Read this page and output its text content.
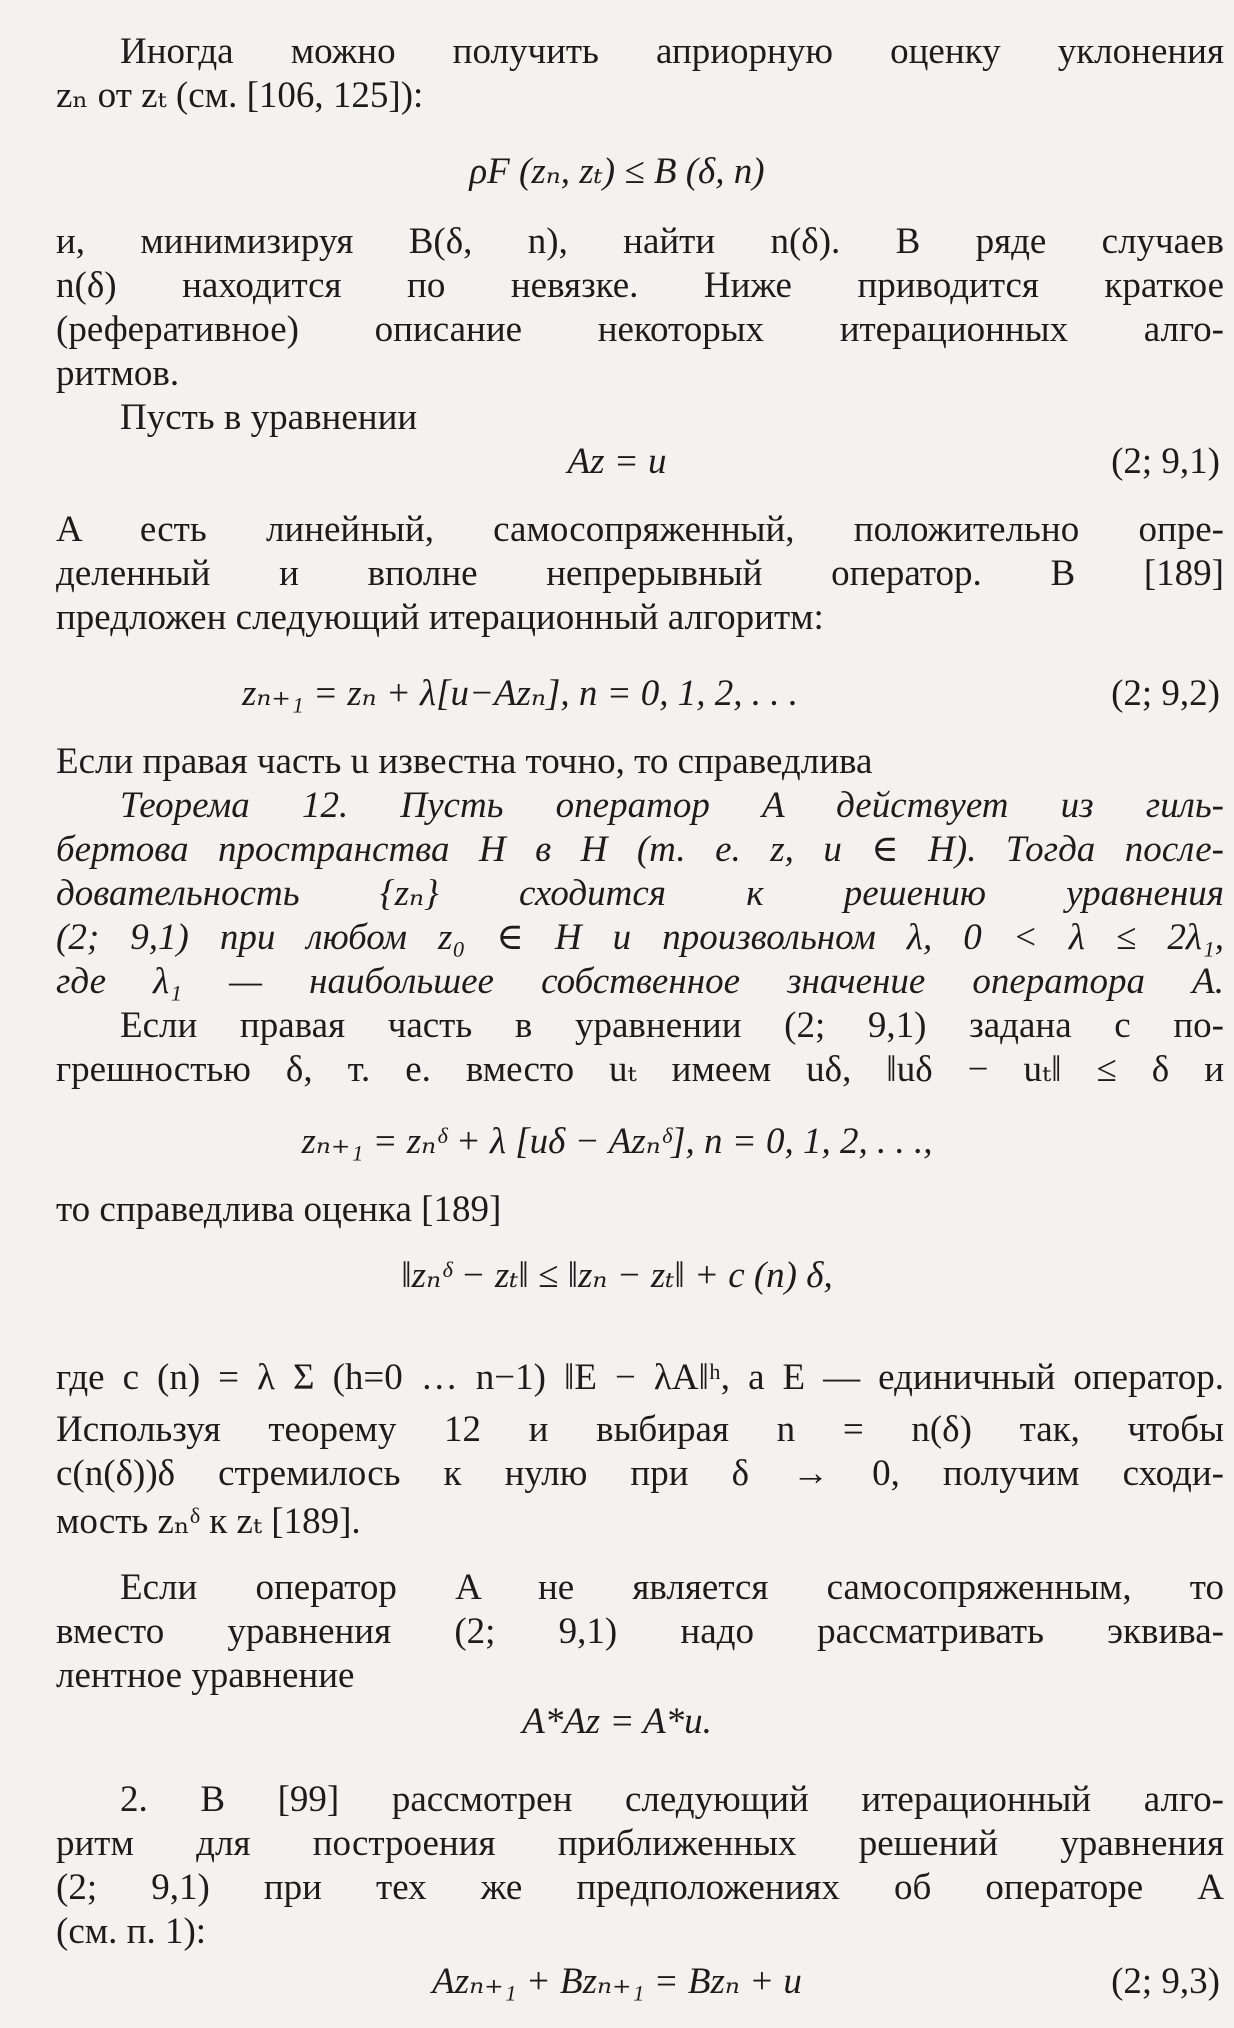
Иногда можно получить априорную оценку уклонения
zₙ от zₜ (см. [106, 125]):
ρF (zₙ, zₜ) ≤ B (δ, n)
и, минимизируя B(δ, n), найти n(δ). В ряде случаев
n(δ) находится по невязке. Ниже приводится краткое
(реферативное) описание некоторых итерационных алго-
ритмов.
Пусть в уравнении
Az = u	(2; 9,1)
A есть линейный, самосопряженный, положительно опре-
деленный и вполне непрерывный оператор. В [189]
предложен следующий итерационный алгоритм:
zₙ₊₁ = zₙ + λ[u−Azₙ], n = 0, 1, 2, . . .	(2; 9,2)
Если правая часть u известна точно, то справедлива
Теорема 12. Пусть оператор A действует из гиль-
бертова пространства H в H (т. е. z, u ∈ H). Тогда после-
довательность {zₙ} сходится к решению уравнения
(2; 9,1) при любом z₀ ∈ H и произвольном λ, 0 < λ ≤ 2λ₁,
где λ₁ — наибольшее собственное значение оператора A.
Если правая часть в уравнении (2; 9,1) задана с по-
грешностью δ, т. е. вместо uₜ имеем uδ, ‖uδ − uₜ‖ ≤ δ и
zₙ₊₁ = zₙᵟ + λ [uδ − Azₙᵟ], n = 0, 1, 2, . . .,
то справедлива оценка [189]
‖zₙᵟ − zₜ‖ ≤ ‖zₙ − zₜ‖ + c (n) δ,
где c (n) = λ Σ (h=0 … n−1) ‖E − λA‖ʰ, а E — единичный оператор.
Используя теорему 12 и выбирая n = n(δ) так, чтобы
c(n(δ))δ стремилось к нулю при δ → 0, получим сходи-
мость zₙᵟ к zₜ [189].
Если оператор A не является самосопряженным, то
вместо уравнения (2; 9,1) надо рассматривать эквива-
лентное уравнение
A*Az = A*u.
2. В [99] рассмотрен следующий итерационный алго-
ритм для построения приближенных решений уравнения
(2; 9,1) при тех же предположениях об операторе A
(см. п. 1):
Azₙ₊₁ + Bzₙ₊₁ = Bzₙ + u	(2; 9,3)
